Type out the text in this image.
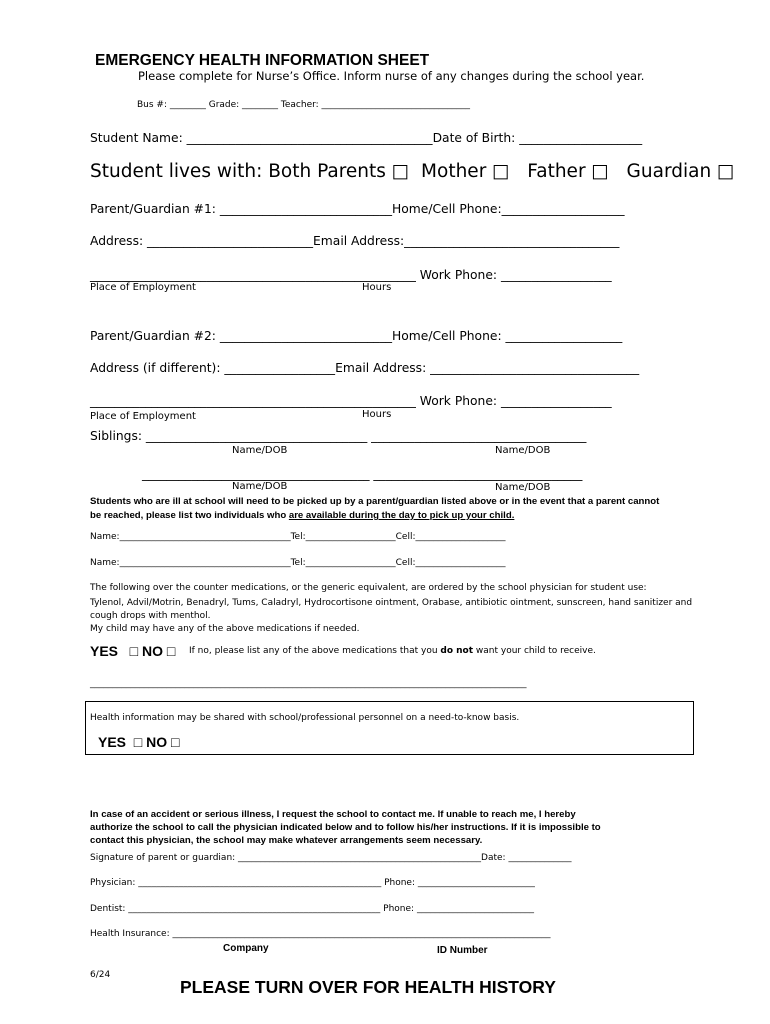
EMERGENCY HEALTH INFORMATION SHEET
Please complete for Nurse’s Office. Inform nurse of any changes during the school year.
Bus #: ________ Grade: ________ Teacher: _________________________________
Student Name: ________________________________________Date of Birth: ____________________
Student lives with: Both Parents □  Mother □   Father □   Guardian □
Parent/Guardian #1: ____________________________Home/Cell Phone:____________________
Address: ___________________________Email Address:___________________________________
_____________________________________________________ Work Phone: __________________
Place of Employment	Hours
Parent/Guardian #2: ____________________________Home/Cell Phone: ___________________
Address (if different): __________________Email Address: __________________________________
_____________________________________________________ Work Phone: __________________
Place of Employment	Hours
Siblings: ____________________________________ ___________________________________
Name/DOB	Name/DOB
_____________________________________ __________________________________
Name/DOB	Name/DOB
Students who are ill at school will need to be picked up by a parent/guardian listed above or in the event that a parent cannot
be reached, please list two individuals who are available during the day to pick up your child.
Name:______________________________________Tel:____________________Cell:____________________
Name:______________________________________Tel:____________________Cell:____________________
The following over the counter medications, or the generic equivalent, are ordered by the school physician for student use:
Tylenol, Advil/Motrin, Benadryl, Tums, Caladryl, Hydrocortisone ointment, Orabase, antibiotic ointment, sunscreen, hand sanitizer and
cough drops with menthol.
My child may have any of the above medications if needed.
YES   □ NO □ If no, please list any of the above medications that you do not want your child to receive.
_________________________________________________________________________________________________
Health information may be shared with school/professional personnel on a need-to-know basis.
YES  □ NO □
In case of an accident or serious illness, I request the school to contact me. If unable to reach me, I hereby
authorize the school to call the physician indicated below and to follow his/her instructions. If it is impossible to
contact this physician, the school may make whatever arrangements seem necessary.
Signature of parent or guardian: ______________________________________________________Date: ______________
Physician: ______________________________________________________ Phone: __________________________
Dentist: ________________________________________________________ Phone: __________________________
Health Insurance: ____________________________________________________________________________________
Company	ID Number
6/24
PLEASE TURN OVER FOR HEALTH HISTORY
